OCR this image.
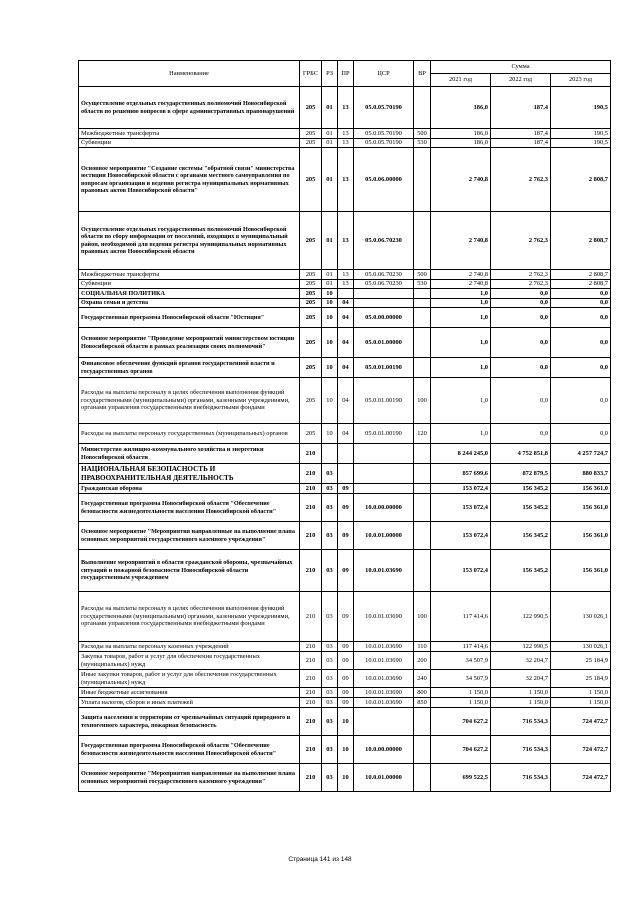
Наименование	ГРБС	РЗ	ПР	ЦСР	ВР	Сумма		
						2021 год	2022 год	2023 год
Осуществление отдельных государственных полномочий Новосибирской области по решению вопросов в сфере административных правонарушений	205	01	13	05.0.05.70190		186,0	187,4	190,5
Межбюджетные трансферты	205	01	13	05.0.05.70190	500	186,0	187,4	190,5
Субвенции	205	01	13	05.0.05.70190	530	186,0	187,4	190,5
Основное мероприятие "Создание системы "обратной связи" министерства юстиции Новосибирской области с органами местного самоуправления по вопросам организации и ведения регистра муниципальных нормативных правовых актов Новосибирской области"	205	01	13	05.0.06.00000		2 740,8	2 762,3	2 808,7
Осуществление отдельных государственных полномочий Новосибирской области по сбору информации от поселений, входящих в муниципальный район, необходимой для ведения регистра муниципальных нормативных правовых актов Новосибирской области	205	01	13	05.0.06.70230		2 740,8	2 762,3	2 808,7
Межбюджетные трансферты	205	01	13	05.0.06.70230	500	2 740,8	2 762,3	2 808,7
Субвенции	205	01	13	05.0.06.70230	530	2 740,8	2 762,3	2 808,7
СОЦИАЛЬНАЯ ПОЛИТИКА	205	10				1,0	0,0	0,0
Охрана семьи и детства	205	10	04			1,0	0,0	0,0
Государственная программа Новосибирской области "Юстиция"	205	10	04	05.0.00.00000		1,0	0,0	0,0
Основное мероприятие "Проведение мероприятий министерством юстиции Новосибирской области в рамках реализации своих полномочий"	205	10	04	05.0.01.00000		1,0	0,0	0,0
Финансовое обеспечение функций органов государственной власти и государственных органов	205	10	04	05.0.01.00190		1,0	0,0	0,0
Расходы на выплаты персоналу в целях обеспечения выполнения функций государственными (муниципальными) органами, казенными учреждениями, органами управления государственными внебюджетными фондами	205	10	04	05.0.01.00190	100	1,0	0,0	0,0
Расходы на выплаты персоналу государственных (муниципальных) органов	205	10	04	05.0.01.00190	120	1,0	0,0	0,0
Министерство жилищно-коммунального хозяйства и энергетики Новосибирской области	210					8 244 245,0	4 752 851,8	4 257 724,7
НАЦИОНАЛЬНАЯ БЕЗОПАСНОСТЬ И ПРАВООХРАНИТЕЛЬНАЯ ДЕЯТЕЛЬНОСТЬ	210	03				857 699,6	872 879,5	880 833,7
Гражданская оборона	210	03	09			153 072,4	156 345,2	156 361,0
Государственная программа Новосибирской области "Обеспечение безопасности жизнедеятельности населения Новосибирской области"	210	03	09	10.0.00.00000		153 072,4	156 345,2	156 361,0
Основное мероприятие "Мероприятия направленные на выполнение плана основных мероприятий государственного казенного учреждения"	210	03	09	10.0.01.00000		153 072,4	156 345,2	156 361,0
Выполнение мероприятий в области гражданской обороны, чрезвычайных ситуаций и пожарной безопасности Новосибирской области государственным учреждением	210	03	09	10.0.01.03690		153 072,4	156 345,2	156 361,0
Расходы на выплаты персоналу в целях обеспечения выполнения функций государственными (муниципальными) органами, казенными учреждениями, органами управления государственными внебюджетными фондами	210	03	09	10.0.01.03690	100	117 414,6	122 990,5	130 026,1
Расходы на выплаты персоналу казенных учреждений	210	03	09	10.0.01.03690	110	117 414,6	122 990,5	130 026,1
Закупка товаров, работ и услуг для обеспечения государственных (муниципальных) нужд	210	03	09	10.0.01.03690	200	34 507,9	32 204,7	25 184,9
Иные закупки товаров, работ и услуг для обеспечения государственных (муниципальных) нужд	210	03	09	10.0.01.03690	240	34 507,9	32 204,7	25 184,9
Иные бюджетные ассигнования	210	03	09	10.0.01.03690	800	1 150,0	1 150,0	1 150,0
Уплата налогов, сборов и иных платежей	210	03	09	10.0.01.03690	850	1 150,0	1 150,0	1 150,0
Защита населения и территории от чрезвычайных ситуаций природного и техногенного характера, пожарная безопасность	210	03	10			704 627,2	716 534,3	724 472,7
Государственная программа Новосибирской области "Обеспечение безопасности жизнедеятельности населения Новосибирской области"	210	03	10	10.0.00.00000		704 627,2	716 534,3	724 472,7
Основное мероприятие "Мероприятия направленные на выполнение плана основных мероприятий государственного казенного учреждения"	210	03	10	10.0.01.00000		699 522,5	716 534,3	724 472,7
Страница 141 из 148
